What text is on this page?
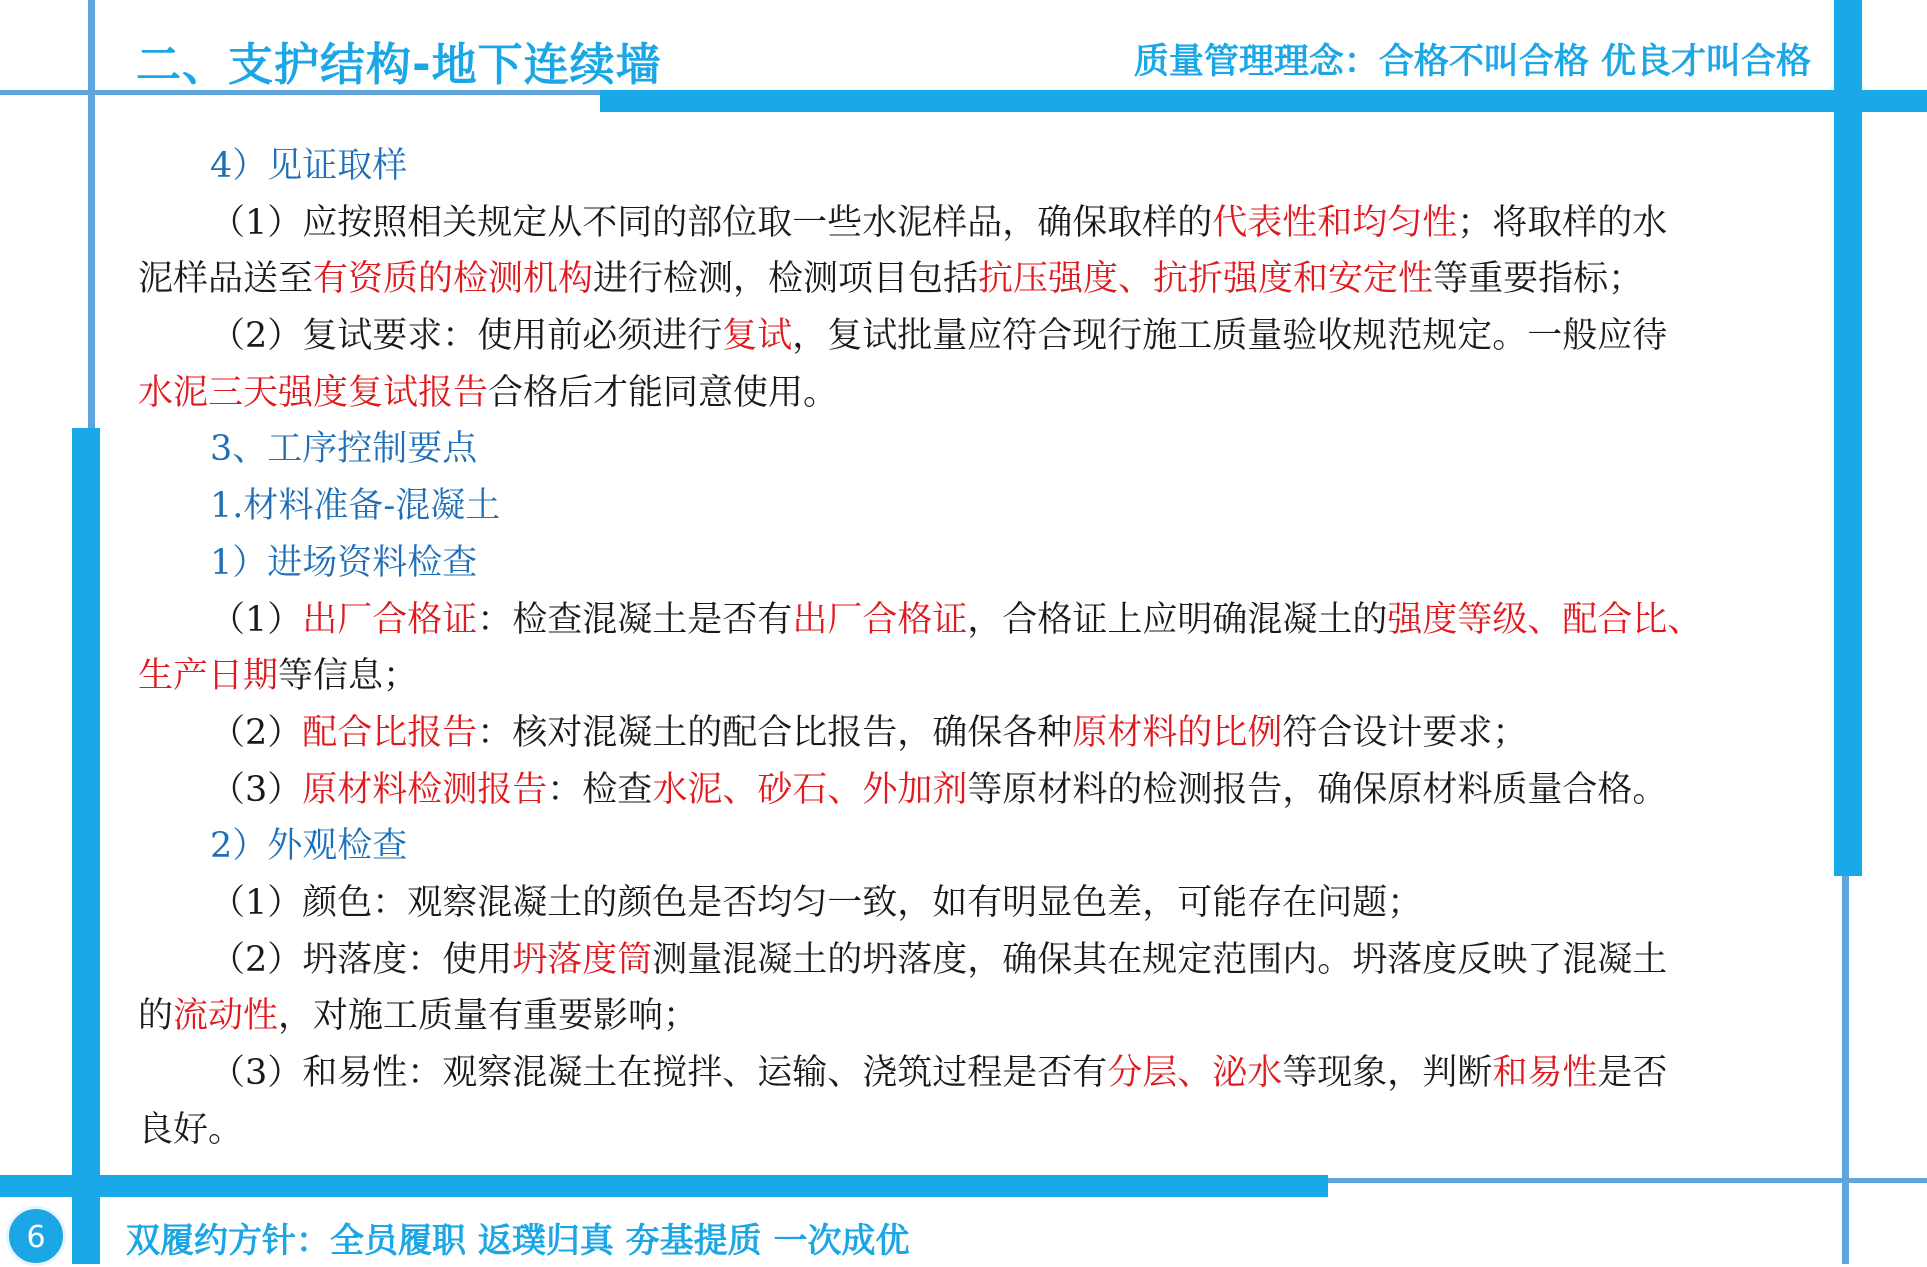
二、支护结构-地下连续墙	质量管理理念：合格不叫合格 优良才叫合格
4）见证取样
（1）应按照相关规定从不同的部位取一些水泥样品，确保取样的代表性和均匀性；将取样的水
泥样品送至有资质的检测机构进行检测，检测项目包括抗压强度、抗折强度和安定性等重要指标；
（2）复试要求：使用前必须进行复试，复试批量应符合现行施工质量验收规范规定。一般应待
水泥三天强度复试报告合格后才能同意使用。
3、工序控制要点
1.材料准备-混凝土
1）进场资料检查
（1）出厂合格证：检查混凝土是否有出厂合格证，合格证上应明确混凝土的强度等级、配合比、
生产日期等信息；
（2）配合比报告：核对混凝土的配合比报告，确保各种原材料的比例符合设计要求；
（3）原材料检测报告：检查水泥、砂石、外加剂等原材料的检测报告，确保原材料质量合格。
2）外观检查
（1）颜色：观察混凝土的颜色是否均匀一致，如有明显色差，可能存在问题；
（2）坍落度：使用坍落度筒测量混凝土的坍落度，确保其在规定范围内。坍落度反映了混凝土
的流动性，对施工质量有重要影响；
（3）和易性：观察混凝土在搅拌、运输、浇筑过程是否有分层、泌水等现象，判断和易性是否
良好。
6	双履约方针：全员履职 返璞归真 夯基提质 一次成优
